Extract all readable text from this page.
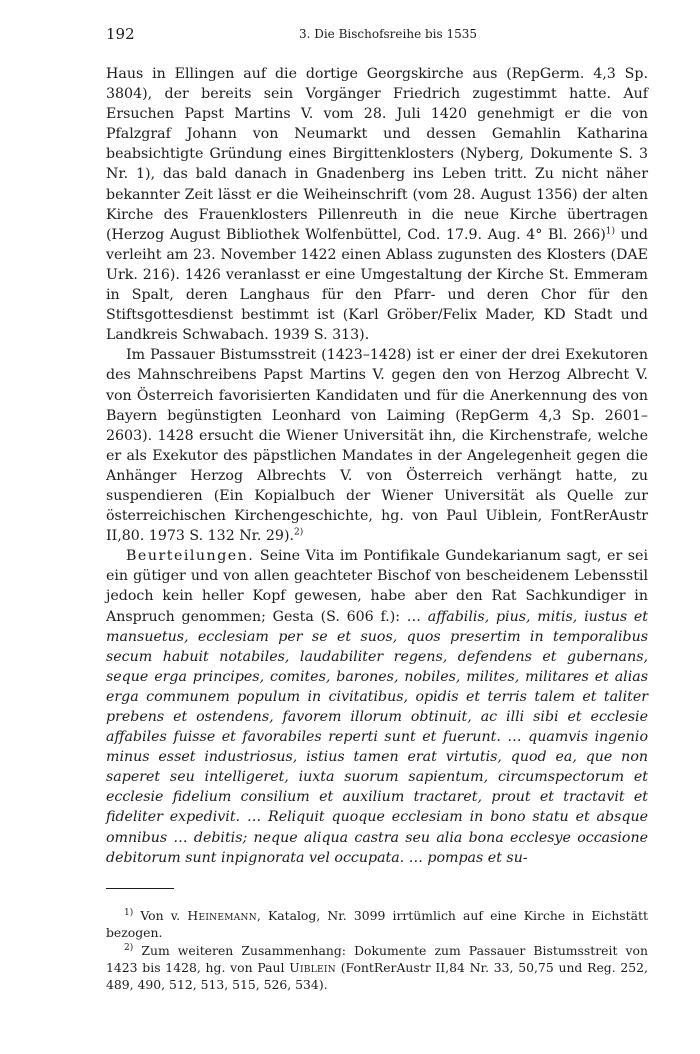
192	3. Die Bischofsreihe bis 1535

Haus in Ellingen auf die dortige Georgskirche aus (RepGerm. 4,3 Sp. 3804), der bereits sein Vorgänger Friedrich zugestimmt hatte. Auf Ersuchen Papst Martins V. vom 28. Juli 1420 genehmigt er die von Pfalzgraf Johann von Neumarkt und dessen Gemahlin Katharina beabsichtigte Gründung eines Birgittenklosters (Nyberg, Dokumente S. 3 Nr. 1), das bald danach in Gnadenberg ins Leben tritt. Zu nicht näher bekannter Zeit lässt er die Weiheinschrift (vom 28. August 1356) der alten Kirche des Frauenklosters Pillenreuth in die neue Kirche übertragen (Herzog August Bibliothek Wolfenbüttel, Cod. 17.9. Aug. 4° Bl. 266)$^{1)}$ und verleiht am 23. November 1422 einen Ablass zugunsten des Klosters (DAE Urk. 216). 1426 veranlasst er eine Umgestaltung der Kirche St. Emmeram in Spalt, deren Langhaus für den Pfarr- und deren Chor für den Stiftsgottesdienst bestimmt ist (Karl Gröber/Felix Mader, KD Stadt und Landkreis Schwabach. 1939 S. 313).

Im Passauer Bistumsstreit (1423–1428) ist er einer der drei Exekutoren des Mahnschreibens Papst Martins V. gegen den von Herzog Albrecht V. von Österreich favorisierten Kandidaten und für die Anerkennung des von Bayern begünstigten Leonhard von Laiming (RepGerm 4,3 Sp. 2601–2603). 1428 ersucht die Wiener Universität ihn, die Kirchenstrafe, welche er als Exekutor des päpstlichen Mandates in der Angelegenheit gegen die Anhänger Herzog Albrechts V. von Österreich verhängt hatte, zu suspendieren (Ein Kopialbuch der Wiener Universität als Quelle zur österreichischen Kirchengeschichte, hg. von Paul Uiblein, FontRerAustr II,80. 1973 S. 132 Nr. 29).$^{2)}$

Beurteilungen. Seine Vita im Pontifikale Gundekarianum sagt, er sei ein gütiger und von allen geachteter Bischof von bescheidenem Lebensstil jedoch kein heller Kopf gewesen, habe aber den Rat Sachkundiger in Anspruch genommen; Gesta (S. 606 f.): … affabilis, pius, mitis, iustus et mansuetus, ecclesiam per se et suos, quos presertim in temporalibus secum habuit notabiles, laudabiliter regens, defendens et gubernans, seque erga principes, comites, barones, nobiles, milites, militares et alias erga communem populum in civitatibus, opidis et terris talem et taliter prebens et ostendens, favorem illorum obtinuit, ac illi sibi et ecclesie affabiles fuisse et favorabiles reperti sunt et fuerunt. … quamvis ingenio minus esset industriosus, istius tamen erat virtutis, quod ea, que non saperet seu intelligeret, iuxta suorum sapientum, circumspectorum et ecclesie fidelium consilium et auxilium tractaret, prout et tractavit et fideliter expedivit. … Reliquit quoque ecclesiam in bono statu et absque omnibus … debitis; neque aliqua castra seu alia bona ecclesye occasione debitorum sunt inpignorata vel occupata. … pompas et su-

$^{1)}$ Von v. Heinemann, Katalog, Nr. 3099 irrtümlich auf eine Kirche in Eichstätt bezogen.

$^{2)}$ Zum weiteren Zusammenhang: Dokumente zum Passauer Bistumsstreit von 1423 bis 1428, hg. von Paul Uiblein (FontRerAustr II,84 Nr. 33, 50,75 und Reg. 252, 489, 490, 512, 513, 515, 526, 534).
